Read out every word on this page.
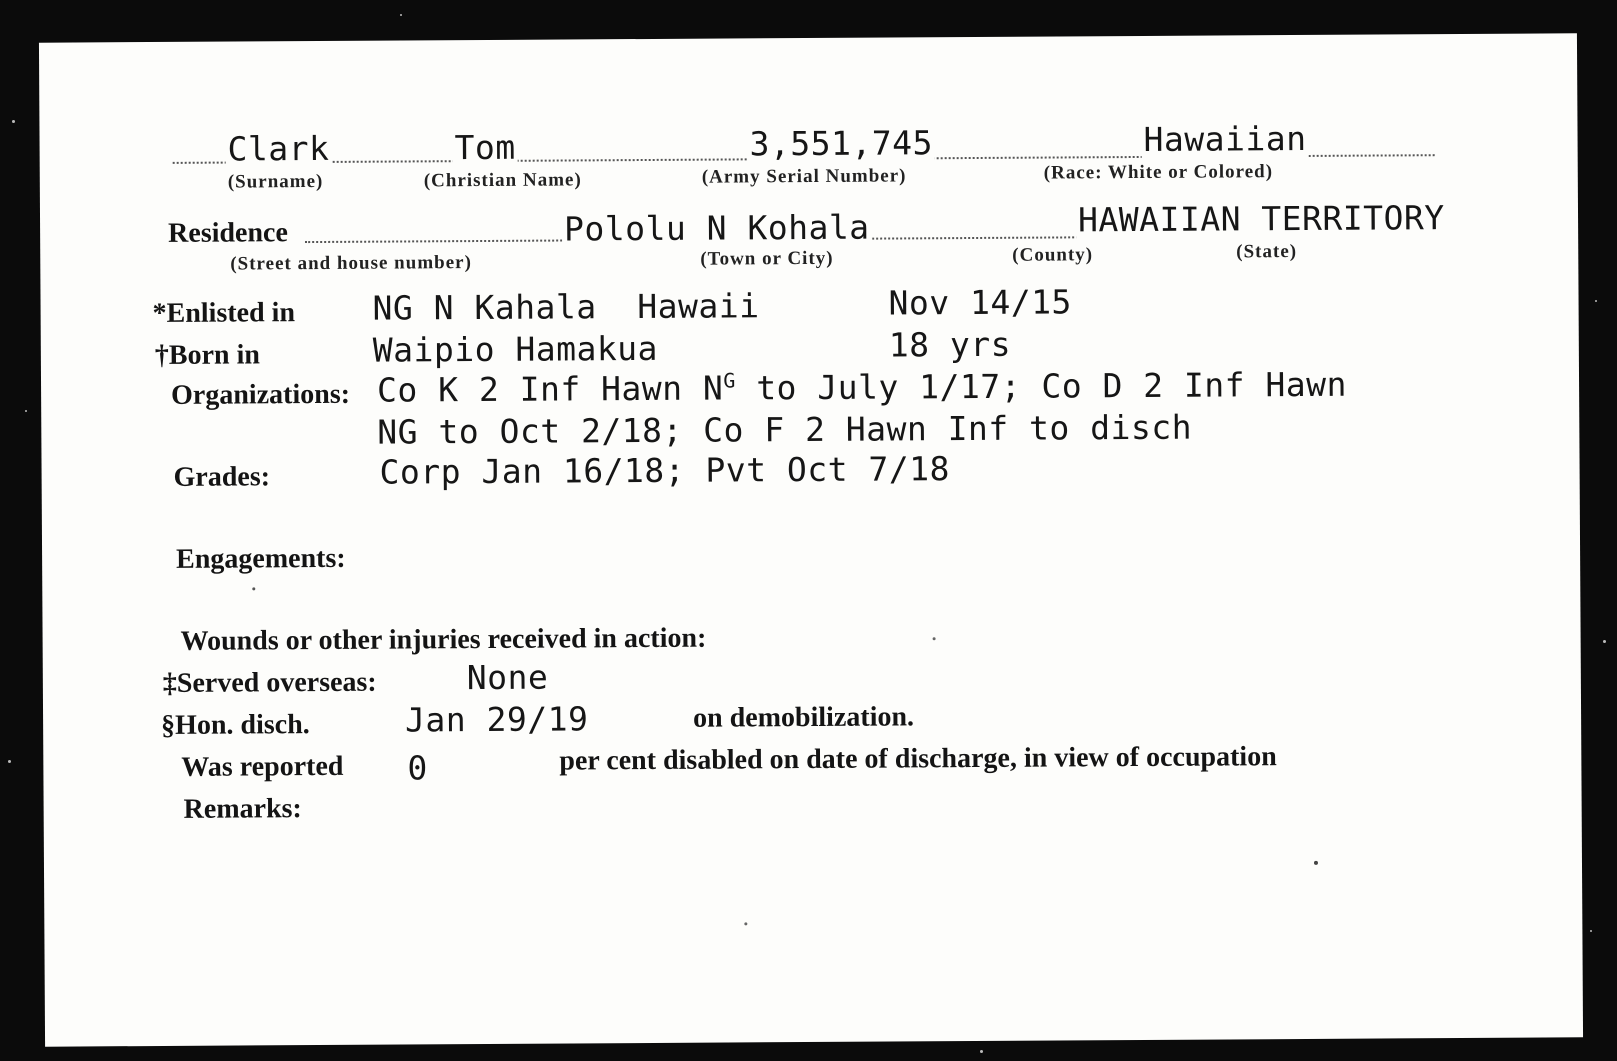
Clark	Tom	3,551,745	Hawaiian
(Surname)	(Christian Name)	(Army Serial Number)	(Race: White or Colored)
Residence	Pololu N Kohala	HAWAIIAN TERRITORY
(Street and house number)	(Town or City)	(County)	(State)
*Enlisted in NG N Kahala  Hawaii	Nov 14/15
†Born in	Waipio Hamakua	18 yrs
Organizations: Co K 2 Inf Hawn $N^G$ to July 1/17; Co D 2 Inf Hawn
NG to Oct 2/18; Co F 2 Hawn Inf to disch
Grades:	Corp Jan 16/18; Pvt Oct 7/18
Engagements:
Wounds or other injuries received in action:
‡Served overseas:	None
§Hon. disch.	Jan 29/19	on demobilization.
Was reported 0	per cent disabled on date of discharge, in view of occupation
Remarks:
